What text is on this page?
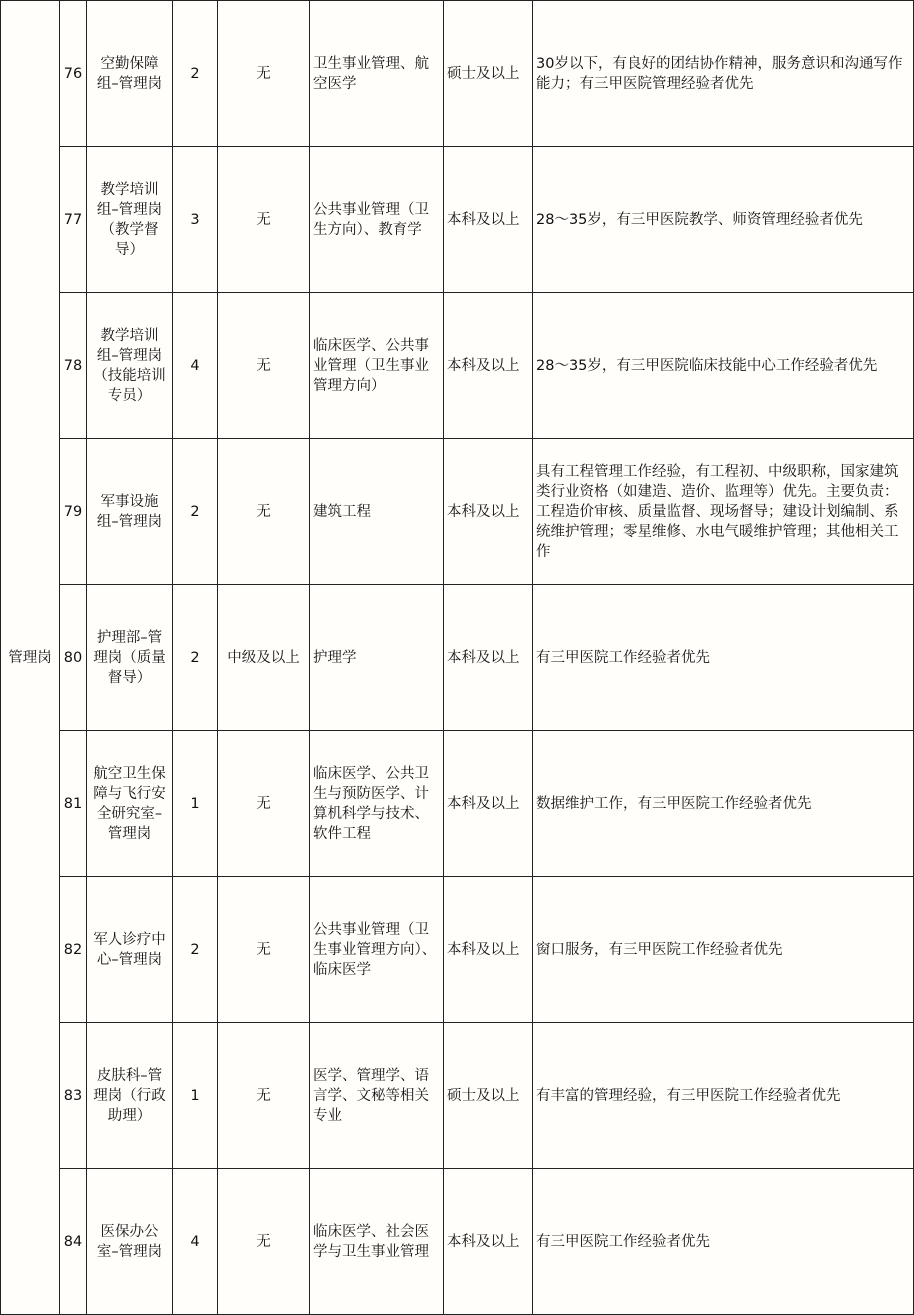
管理岗	76	空勤保障组–管理岗	2	无	卫生事业管理、航空医学	硕士及以上	30岁以下，有良好的团结协作精神，服务意识和沟通写作能力；有三甲医院管理经验者优先
	77	教学培训组–管理岗（教学督导）	3	无	公共事业管理（卫生方向）、教育学	本科及以上	28～35岁，有三甲医院教学、师资管理经验者优先
	78	教学培训组–管理岗（技能培训专员）	4	无	临床医学、公共事业管理（卫生事业管理方向）	本科及以上	28～35岁，有三甲医院临床技能中心工作经验者优先
	79	军事设施组–管理岗	2	无	建筑工程	本科及以上	具有工程管理工作经验，有工程初、中级职称，国家建筑类行业资格（如建造、造价、监理等）优先。主要负责：工程造价审核、质量监督、现场督导；建设计划编制、系统维护管理；零星维修、水电气暖维护管理；其他相关工作
	80	护理部–管理岗（质量督导）	2	中级及以上	护理学	本科及以上	有三甲医院工作经验者优先
	81	航空卫生保障与飞行安全研究室–管理岗	1	无	临床医学、公共卫生与预防医学、计算机科学与技术、软件工程	本科及以上	数据维护工作，有三甲医院工作经验者优先
	82	军人诊疗中心–管理岗	2	无	公共事业管理（卫生事业管理方向）、临床医学	本科及以上	窗口服务，有三甲医院工作经验者优先
	83	皮肤科–管理岗（行政助理）	1	无	医学、管理学、语言学、文秘等相关专业	硕士及以上	有丰富的管理经验，有三甲医院工作经验者优先
	84	医保办公室–管理岗	4	无	临床医学、社会医学与卫生事业管理	本科及以上	有三甲医院工作经验者优先
